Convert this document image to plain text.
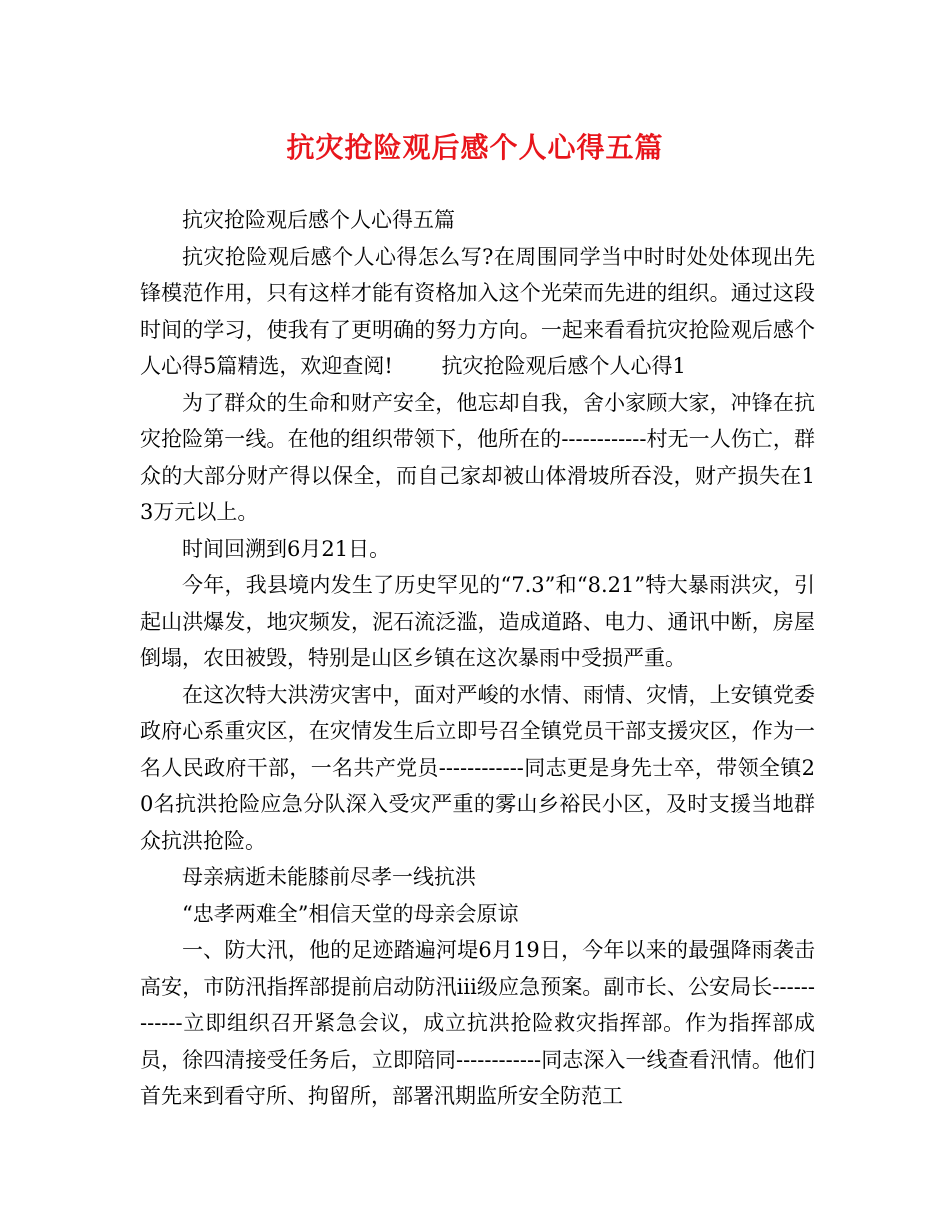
抗灾抢险观后感个人心得五篇

抗灾抢险观后感个人心得五篇

抗灾抢险观后感个人心得怎么写?在周围同学当中时时处处体现出先锋模范作用，只有这样才能有资格加入这个光荣而先进的组织。通过这段时间的学习，使我有了更明确的努力方向。一起来看看抗灾抢险观后感个人心得5篇精选，欢迎查阅!　　 抗灾抢险观后感个人心得1

为了群众的生命和财产安全，他忘却自我，舍小家顾大家，冲锋在抗灾抢险第一线。在他的组织带领下，他所在的------------村无一人伤亡，群众的大部分财产得以保全，而自己家却被山体滑坡所吞没，财产损失在13万元以上。

时间回溯到6月21日。

今年，我县境内发生了历史罕见的“7.3”和“8.21”特大暴雨洪灾，引起山洪爆发，地灾频发，泥石流泛滥，造成道路、电力、通讯中断，房屋倒塌，农田被毁，特别是山区乡镇在这次暴雨中受损严重。

在这次特大洪涝灾害中，面对严峻的水情、雨情、灾情，上安镇党委政府心系重灾区，在灾情发生后立即号召全镇党员干部支援灾区，作为一名人民政府干部，一名共产党员------------同志更是身先士卒，带领全镇20名抗洪抢险应急分队深入受灾严重的雾山乡裕民小区，及时支援当地群众抗洪抢险。

母亲病逝未能膝前尽孝一线抗洪

“忠孝两难全”相信天堂的母亲会原谅

一、防大汛，他的足迹踏遍河堤6月19日，今年以来的最强降雨袭击高安，市防汛指挥部提前启动防汛iii级应急预案。副市长、公安局长------------立即组织召开紧急会议，成立抗洪抢险救灾指挥部。作为指挥部成员，徐四清接受任务后，立即陪同------------同志深入一线查看汛情。他们首先来到看守所、拘留所，部署汛期监所安全防范工
